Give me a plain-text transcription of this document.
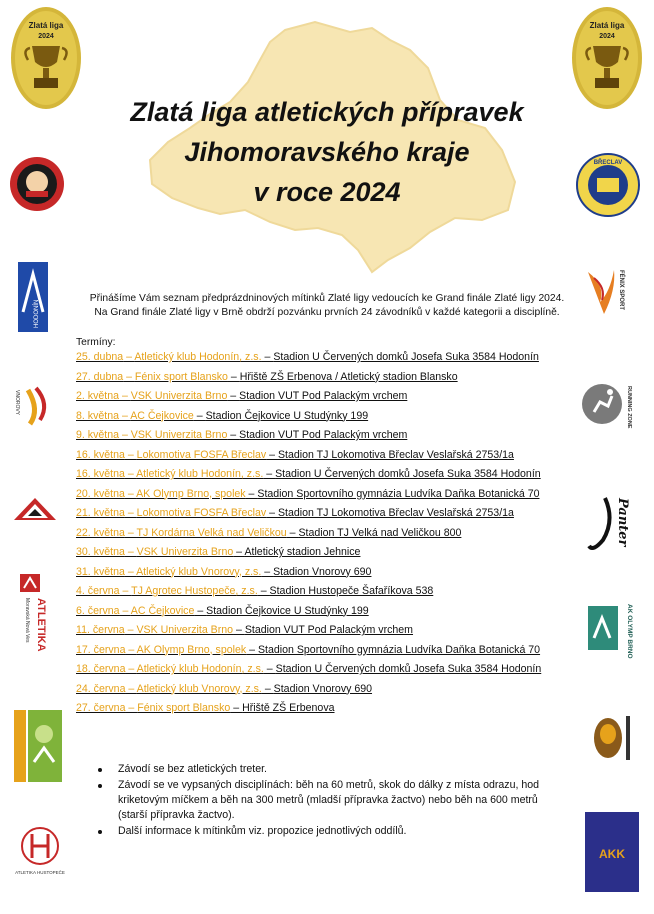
Zlatá liga
2024
Zlatá liga
2024
HODONÍN
VNOROVY
ATLETIKA
Moravská Nová Ves
ATLETIKA HUSTOPEČE
BŘECLAV
FÉNIX SPORT
RUNNING ZONE
Panter
AK OLYMP BRNO
AKK
Zlatá liga atletických přípravek
Jihomoravského kraje
v roce 2024
Přinášíme Vám seznam předprázdninových mítinků Zlaté ligy vedoucích ke Grand finále Zlaté ligy 2024.
Na Grand finále Zlaté ligy v Brně obdrží pozvánku prvních 24 závodníků v každé kategorii a disciplíně.
Termíny:
25. dubna – Atletický klub Hodonín, z.s. – Stadion U Červených domků Josefa Suka 3584 Hodonín
27. dubna – Fénix sport Blansko – Hřiště ZŠ Erbenova / Atletický stadion Blansko
2. května – VSK Univerzita Brno – Stadion VUT Pod Palackým vrchem
8. května – AC Čejkovice – Stadion Čejkovice U Studýnky 199
9. května – VSK Univerzita Brno – Stadion VUT Pod Palackým vrchem
16. května – Lokomotiva FOSFA Břeclav – Stadion TJ Lokomotiva Břeclav Veslařská 2753/1a
16. května – Atletický klub Hodonín, z.s. – Stadion U Červených domků Josefa Suka 3584 Hodonín
20. května – AK Olymp Brno, spolek – Stadion Sportovního gymnázia Ludvíka Daňka Botanická 70
21. května – Lokomotiva FOSFA Břeclav – Stadion TJ Lokomotiva Břeclav Veslařská 2753/1a
22. května – TJ Kordárna Velká nad Veličkou – Stadion TJ Velká nad Veličkou 800
30. května – VSK Univerzita Brno – Atletický stadion Jehnice
31. května – Atletický klub Vnorovy, z.s. – Stadion Vnorovy 690
4. června – TJ Agrotec Hustopeče, z.s. – Stadion Hustopeče Šafaříkova 538
6. června – AC Čejkovice – Stadion Čejkovice U Studýnky 199
11. června – VSK Univerzita Brno – Stadion VUT Pod Palackým vrchem
17. června – AK Olymp Brno, spolek – Stadion Sportovního gymnázia Ludvíka Daňka Botanická 70
18. června – Atletický klub Hodonín, z.s. – Stadion U Červených domků Josefa Suka 3584 Hodonín
24. června – Atletický klub Vnorovy, z.s. – Stadion Vnorovy 690
27. června – Fénix sport Blansko – Hřiště ZŠ Erbenova
Závodí se bez atletických treter.
Závodí se ve vypsaných disciplínách: běh na 60 metrů, skok do dálky z místa odrazu, hod kriketovým míčkem a běh na 300 metrů (mladší přípravka žactvo) nebo běh na 600 metrů (starší přípravka žactvo).
Další informace k mítinkům viz. propozice jednotlivých oddílů.
